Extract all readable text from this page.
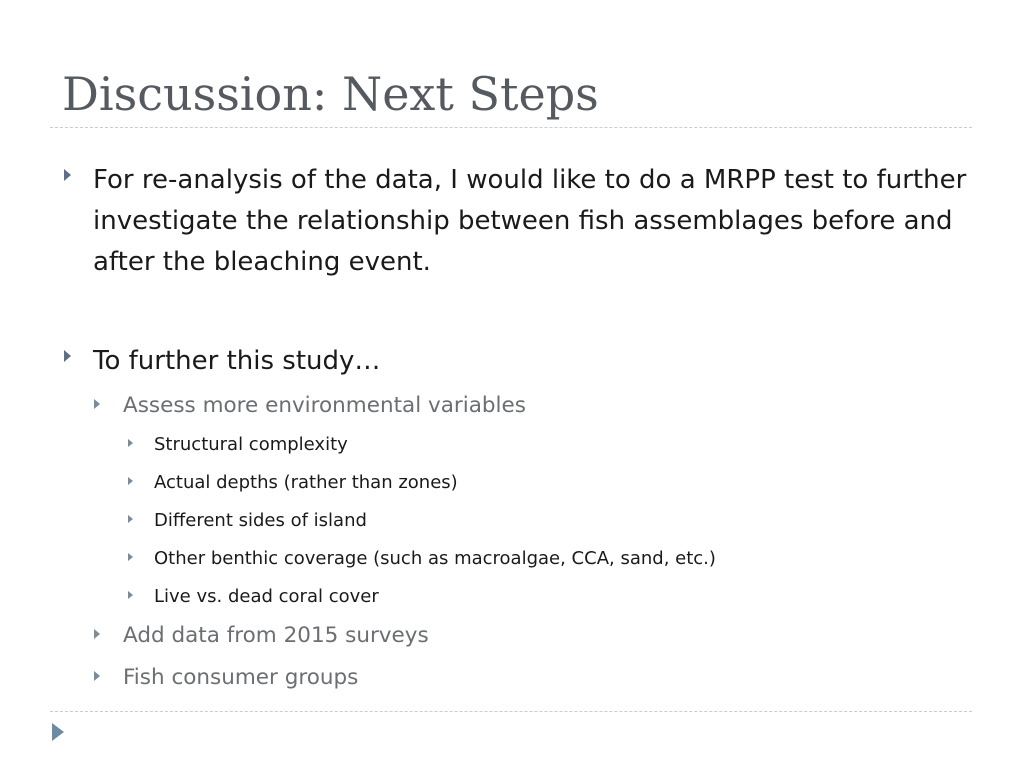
Discussion: Next Steps
For re-analysis of the data, I would like to do a MRPP test to further investigate the relationship between fish assemblages before and after the bleaching event.
To further this study…
Assess more environmental variables
Structural complexity
Actual depths (rather than zones)
Different sides of island
Other benthic coverage (such as macroalgae, CCA, sand, etc.)
Live vs. dead coral cover
Add data from 2015 surveys
Fish consumer groups
